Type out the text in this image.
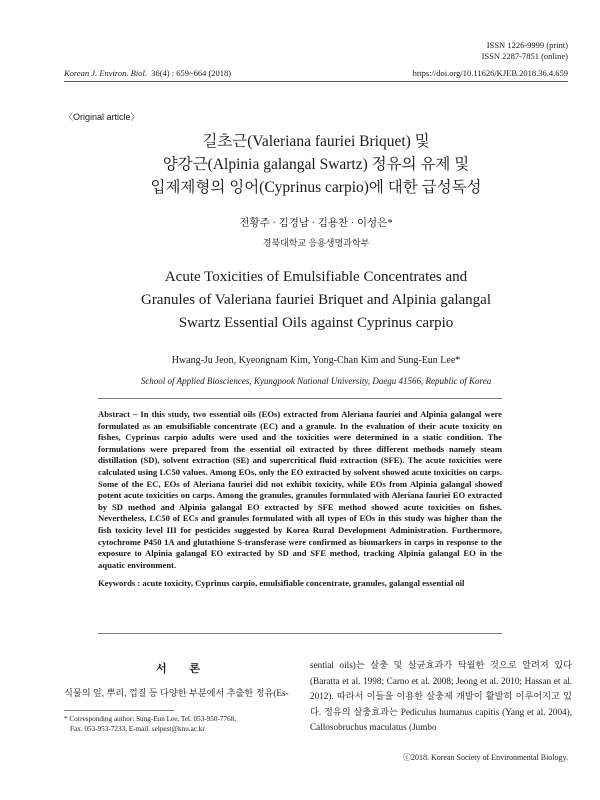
ISSN 1226-9999 (print)
ISSN 2287-7851 (online)
Korean J. Environ. Biol. 36(4) : 659~664 (2018)	https://doi.org/10.11626/KJEB.2018.36.4.659
〈Original article〉
길초근(Valeriana fauriei Briquet) 및
양강근(Alpinia galangal Swartz) 정유의 유제 및
입제제형의 잉어(Cyprinus carpio)에 대한 급성독성
전황주 · 김경남 · 김용찬 · 이성은*
경북대학교 응용생명과학부
Acute Toxicities of Emulsifiable Concentrates and
Granules of Valeriana fauriei Briquet and Alpinia galangal
Swartz Essential Oils against Cyprinus carpio
Hwang-Ju Jeon, Kyeongnam Kim, Yong-Chan Kim and Sung-Eun Lee*
School of Applied Biosciences, Kyungpook National University, Daegu 41566, Republic of Korea

Abstract – In this study, two essential oils (EOs) extracted from Aleriana fauriei and Alpinia galangal were formulated as an emulsifiable concentrate (EC) and a granule. In the evaluation of their acute toxicity on fishes, Cyprinus carpio adults were used and the toxicities were determined in a static condition. The formulations were prepared from the essential oil extracted by three different methods namely steam distillation (SD), solvent extraction (SE) and supercritical fluid extraction (SFE). The acute toxicities were calculated using LC50 values. Among EOs, only the EO extracted by solvent showed acute toxicities on carps. Some of the EC, EOs of Aleriana fauriei did not exhibit toxicity, while EOs from Alpinia galangal showed potent acute toxicities on carps. Among the granules, granules formulated with Aleriana fauriei EO extracted by SD method and Alpinia galangal EO extracted by SFE method showed acute toxicities on fishes. Nevertheless, LC50 of ECs and granules formulated with all types of EOs in this study was higher than the fish toxicity level III for pesticides suggested by Korea Rural Development Administration. Furthermore, cytochrome P450 1A and glutathione S-transferase were confirmed as biomarkers in carps in response to the exposure to Alpinia galangal EO extracted by SD and SFE method, tracking Alpinia galangal EO in the aquatic environment.

Keywords : acute toxicity, Cyprinus carpio, emulsifiable concentrate, granules, galangal essential oil

서 론

식물의 잎, 뿌리, 껍질 등 다양한 부분에서 추출한 정유(Es-

* Corresponding author: Sung-Eun Lee, Tel. 053-950-7768,
Fax. 053-953-7233, E-mail. selpest@knu.ac.kr
sential oils)는 살충 및 살균효과가 탁월한 것으로 알려져 있다(Baratta et al. 1998; Carno et al. 2008; Jeong et al. 2010; Hassan et al. 2012). 따라서 이들을 이용한 살충제 개발이 활발히 이루어지고 있다. 정유의 살충효과는 Pediculus humanus capitis (Yang et al. 2004), Callosobruchus maculatus (Jumbo
ⓒ2018. Korean Society of Environmental Biology.
